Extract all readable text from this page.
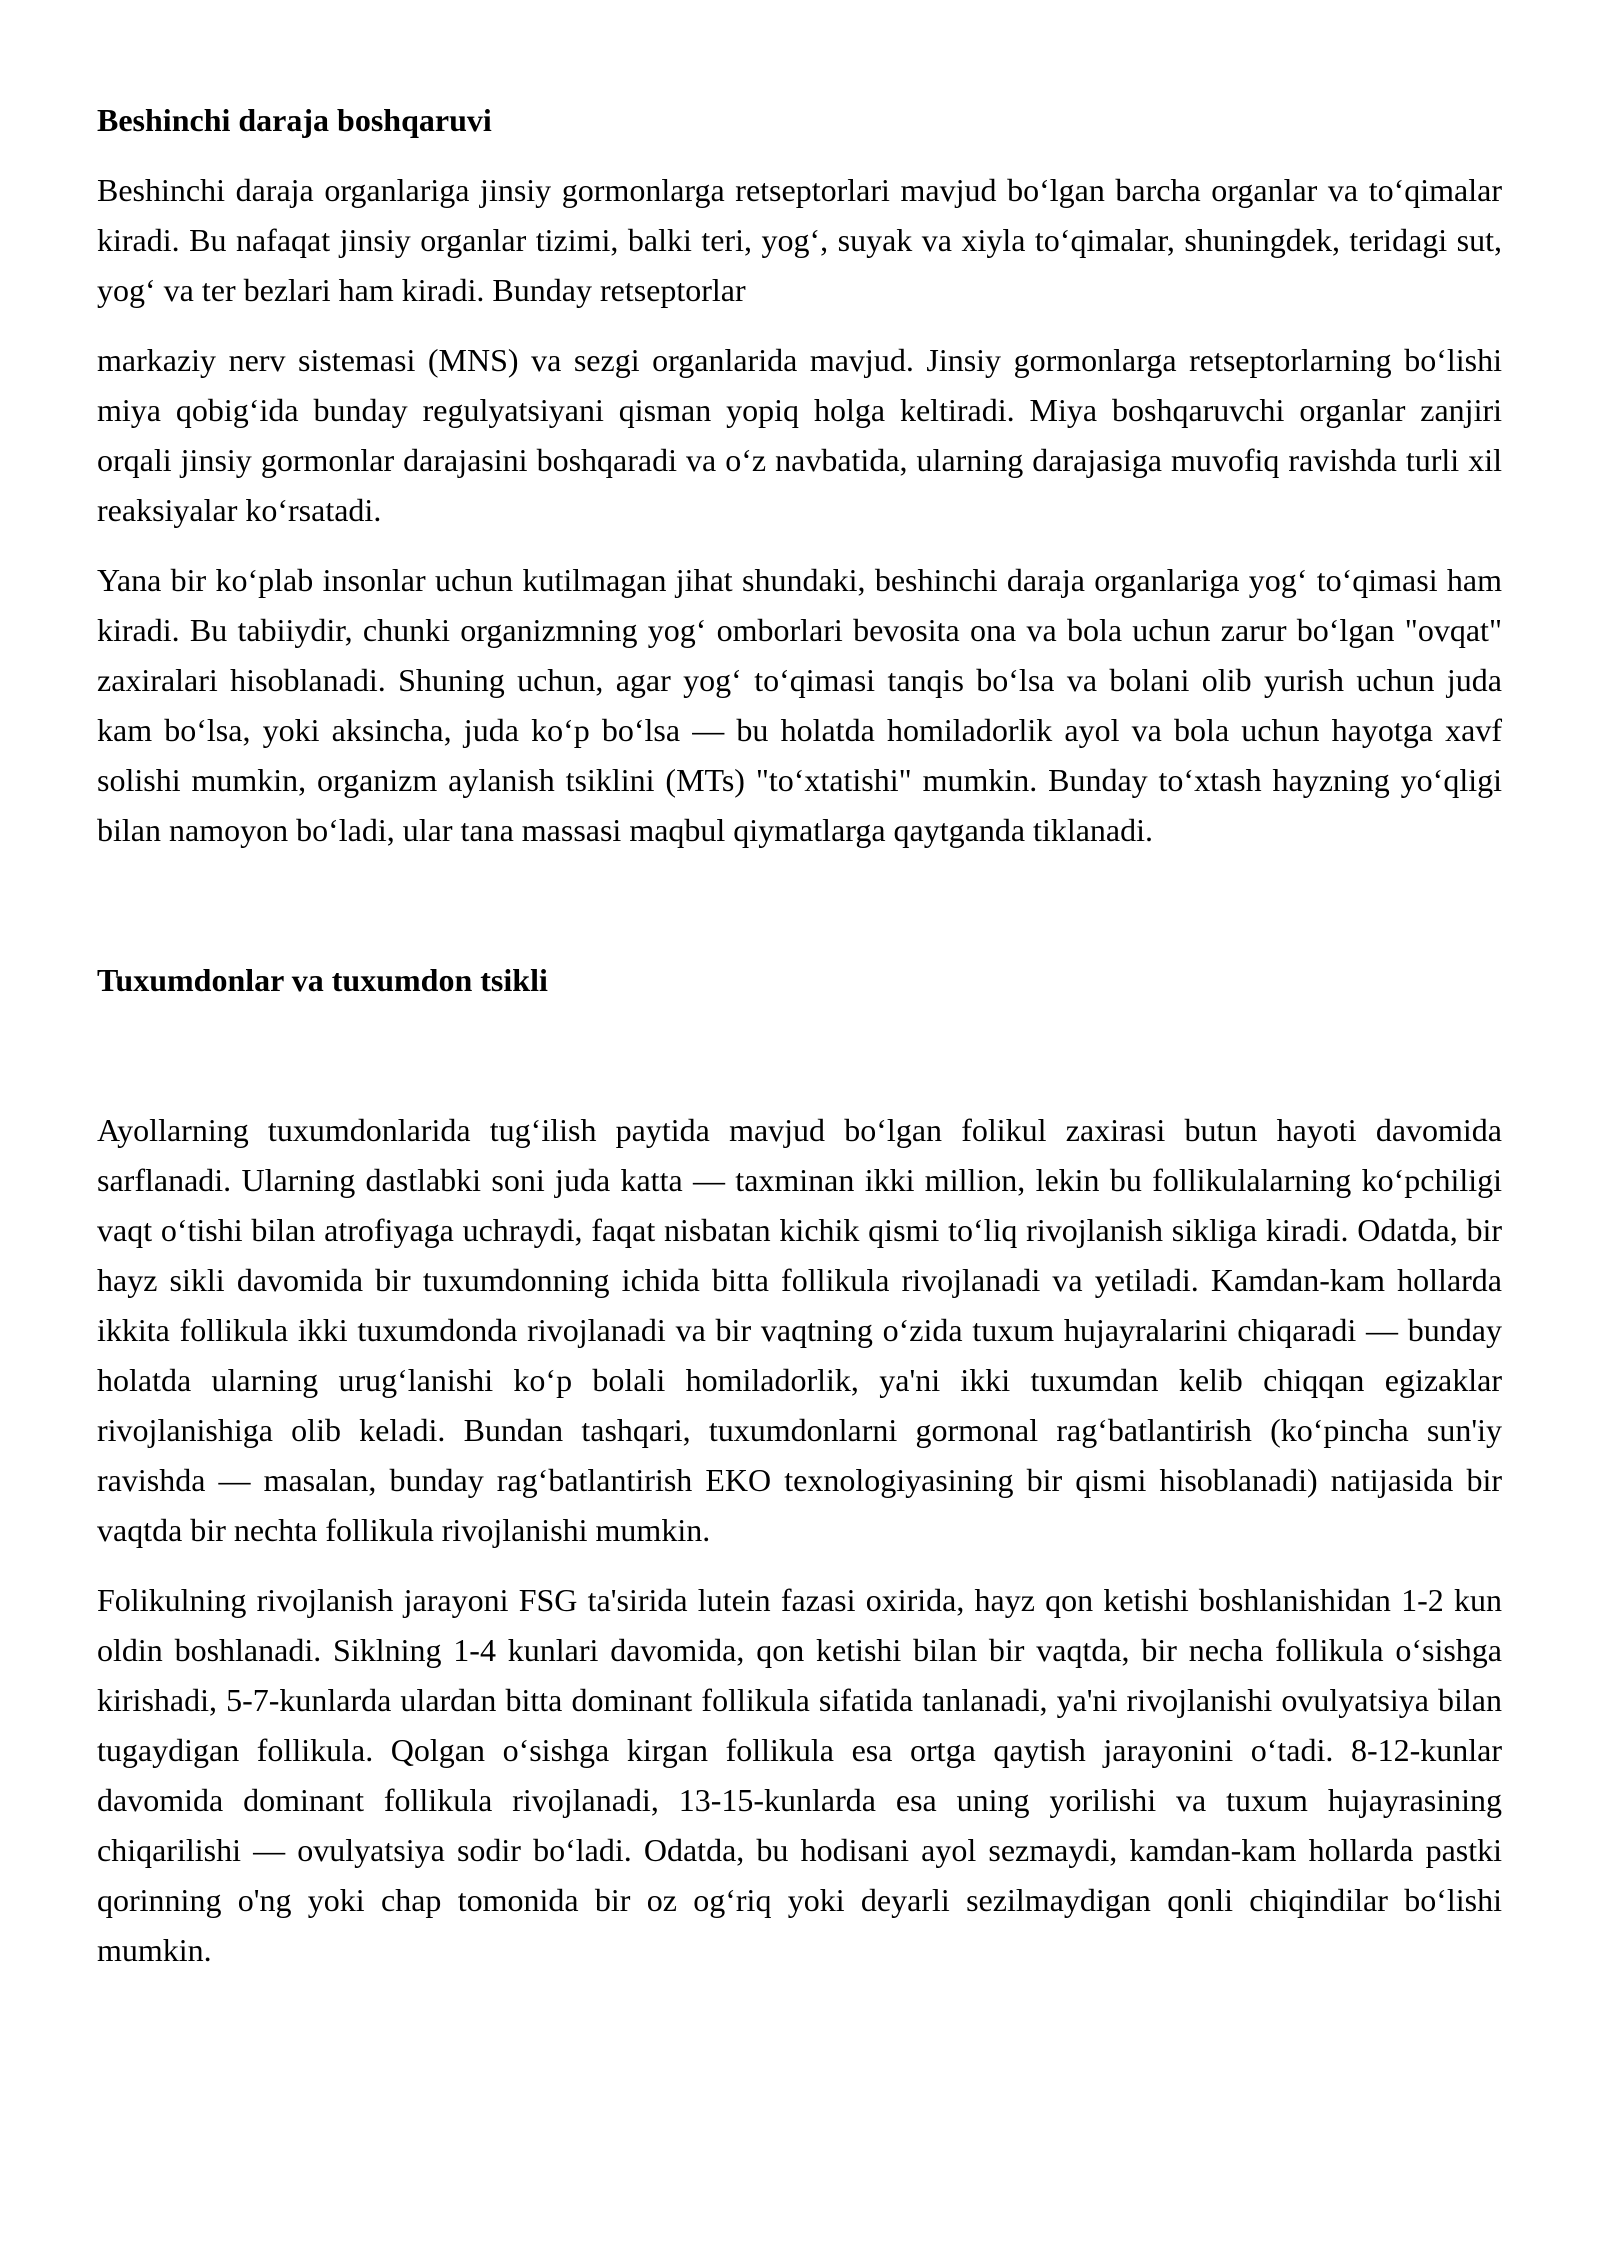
Beshinchi daraja boshqaruvi

Beshinchi daraja organlariga jinsiy gormonlarga retseptorlari mavjud bo‘lgan barcha organlar va to‘qimalar kiradi. Bu nafaqat jinsiy organlar tizimi, balki teri, yog‘, suyak va xiyla to‘qimalar, shuningdek, teridagi sut, yog‘ va ter bezlari ham kiradi. Bunday retseptorlar

markaziy nerv sistemasi (MNS) va sezgi organlarida mavjud. Jinsiy gormonlarga retseptorlarning bo‘lishi miya qobig‘ida bunday regulyatsiyani qisman yopiq holga keltiradi. Miya boshqaruvchi organlar zanjiri orqali jinsiy gormonlar darajasini boshqaradi va o‘z navbatida, ularning darajasiga muvofiq ravishda turli xil reaksiyalar ko‘rsatadi.

Yana bir ko‘plab insonlar uchun kutilmagan jihat shundaki, beshinchi daraja organlariga yog‘ to‘qimasi ham kiradi. Bu tabiiydir, chunki organizmning yog‘ omborlari bevosita ona va bola uchun zarur bo‘lgan "ovqat" zaxiralari hisoblanadi. Shuning uchun, agar yog‘ to‘qimasi tanqis bo‘lsa va bolani olib yurish uchun juda kam bo‘lsa, yoki aksincha, juda ko‘p bo‘lsa — bu holatda homiladorlik ayol va bola uchun hayotga xavf solishi mumkin, organizm aylanish tsiklini (MTs) "to‘xtatishi" mumkin. Bunday to‘xtash hayzning yo‘qligi bilan namoyon bo‘ladi, ular tana massasi maqbul qiymatlarga qaytganda tiklanadi.

Tuxumdonlar va tuxumdon tsikli

Ayollarning tuxumdonlarida tug‘ilish paytida mavjud bo‘lgan folikul zaxirasi butun hayoti davomida sarflanadi. Ularning dastlabki soni juda katta — taxminan ikki million, lekin bu follikulalarning ko‘pchiligi vaqt o‘tishi bilan atrofiyaga uchraydi, faqat nisbatan kichik qismi to‘liq rivojlanish sikliga kiradi. Odatda, bir hayz sikli davomida bir tuxumdonning ichida bitta follikula rivojlanadi va yetiladi. Kamdan-kam hollarda ikkita follikula ikki tuxumdonda rivojlanadi va bir vaqtning o‘zida tuxum hujayralarini chiqaradi — bunday holatda ularning urug‘lanishi ko‘p bolali homiladorlik, ya'ni ikki tuxumdan kelib chiqqan egizaklar rivojlanishiga olib keladi. Bundan tashqari, tuxumdonlarni gormonal rag‘batlantirish (ko‘pincha sun'iy ravishda — masalan, bunday rag‘batlantirish EKO texnologiyasining bir qismi hisoblanadi) natijasida bir vaqtda bir nechta follikula rivojlanishi mumkin.

Folikulning rivojlanish jarayoni FSG ta'sirida lutein fazasi oxirida, hayz qon ketishi boshlanishidan 1-2 kun oldin boshlanadi. Siklning 1-4 kunlari davomida, qon ketishi bilan bir vaqtda, bir necha follikula o‘sishga kirishadi, 5-7-kunlarda ulardan bitta dominant follikula sifatida tanlanadi, ya'ni rivojlanishi ovulyatsiya bilan tugaydigan follikula. Qolgan o‘sishga kirgan follikula esa ortga qaytish jarayonini o‘tadi. 8-12-kunlar davomida dominant follikula rivojlanadi, 13-15-kunlarda esa uning yorilishi va tuxum hujayrasining chiqarilishi — ovulyatsiya sodir bo‘ladi. Odatda, bu hodisani ayol sezmaydi, kamdan-kam hollarda pastki qorinning o'ng yoki chap tomonida bir oz og‘riq yoki deyarli sezilmaydigan qonli chiqindilar bo‘lishi mumkin.
